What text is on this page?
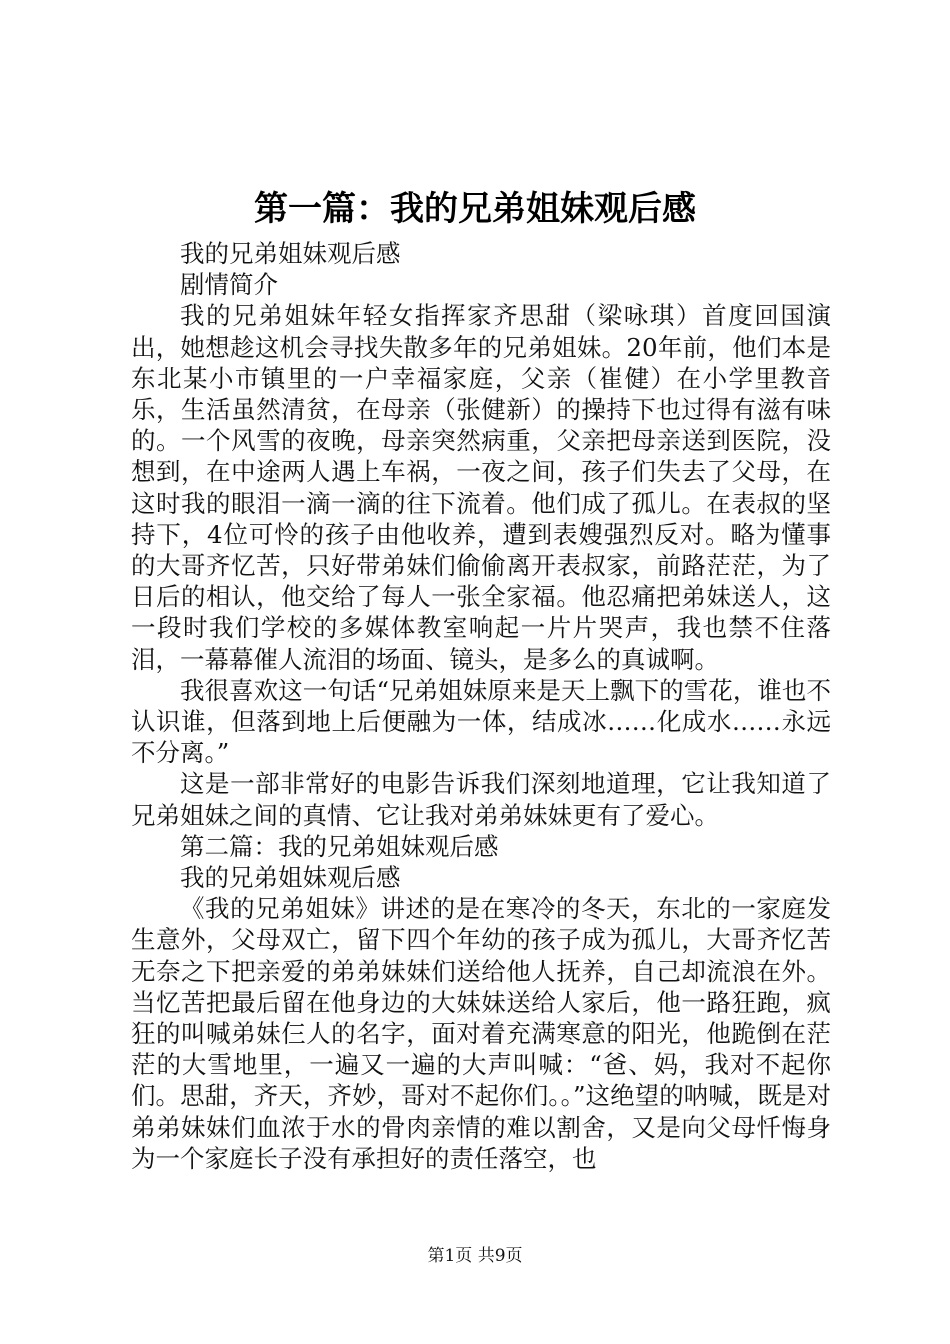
第一篇：我的兄弟姐妹观后感

我的兄弟姐妹观后感

剧情简介

我的兄弟姐妹年轻女指挥家齐思甜（梁咏琪）首度回国演出，她想趁这机会寻找失散多年的兄弟姐妹。20年前，他们本是东北某小市镇里的一户幸福家庭，父亲（崔健）在小学里教音乐，生活虽然清贫，在母亲（张健新）的操持下也过得有滋有味的。一个风雪的夜晚，母亲突然病重，父亲把母亲送到医院，没想到，在中途两人遇上车祸，一夜之间，孩子们失去了父母，在这时我的眼泪一滴一滴的往下流着。他们成了孤儿。在表叔的坚持下，4位可怜的孩子由他收养，遭到表嫂强烈反对。略为懂事的大哥齐忆苦，只好带弟妹们偷偷离开表叔家，前路茫茫，为了日后的相认，他交给了每人一张全家福。他忍痛把弟妹送人，这一段时我们学校的多媒体教室响起一片片哭声，我也禁不住落泪，一幕幕催人流泪的场面、镜头，是多么的真诚啊。

我很喜欢这一句话“兄弟姐妹原来是天上飘下的雪花，谁也不认识谁，但落到地上后便融为一体，结成冰……化成水……永远不分离。”

这是一部非常好的电影告诉我们深刻地道理，它让我知道了兄弟姐妹之间的真情、它让我对弟弟妹妹更有了爱心。

第二篇：我的兄弟姐妹观后感

我的兄弟姐妹观后感

《我的兄弟姐妹》讲述的是在寒冷的冬天，东北的一家庭发生意外，父母双亡，留下四个年幼的孩子成为孤儿，大哥齐忆苦无奈之下把亲爱的弟弟妹妹们送给他人抚养，自己却流浪在外。当忆苦把最后留在他身边的大妹妹送给人家后，他一路狂跑，疯狂的叫喊弟妹仨人的名字，面对着充满寒意的阳光，他跪倒在茫茫的大雪地里，一遍又一遍的大声叫喊：“爸、妈，我对不起你们。思甜，齐天，齐妙，哥对不起你们。。”这绝望的呐喊，既是对弟弟妹妹们血浓于水的骨肉亲情的难以割舍，又是向父母忏悔身为一个家庭长子没有承担好的责任落空，也

第1页 共9页
